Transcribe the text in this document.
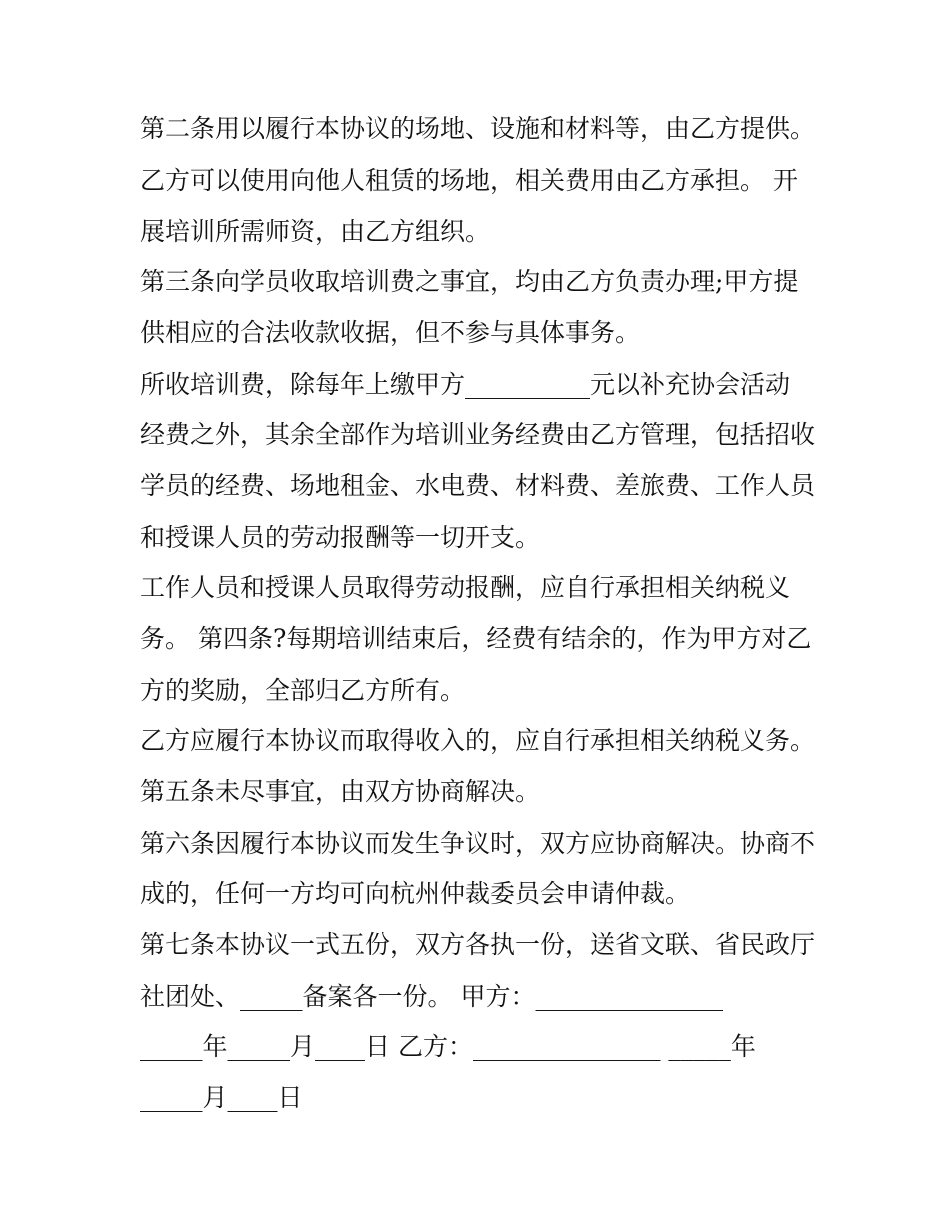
第二条用以履行本协议的场地、设施和材料等，由乙方提供。
乙方可以使用向他人租赁的场地，相关费用由乙方承担。 开
展培训所需师资，由乙方组织。
第三条向学员收取培训费之事宜，均由乙方负责办理;甲方提
供相应的合法收款收据，但不参与具体事务。
所收培训费，除每年上缴甲方__________元以补充协会活动
经费之外，其余全部作为培训业务经费由乙方管理，包括招收
学员的经费、场地租金、水电费、材料费、差旅费、工作人员
和授课人员的劳动报酬等一切开支。
工作人员和授课人员取得劳动报酬，应自行承担相关纳税义
务。 第四条?每期培训结束后，经费有结余的，作为甲方对乙
方的奖励，全部归乙方所有。
乙方应履行本协议而取得收入的，应自行承担相关纳税义务。
第五条未尽事宜，由双方协商解决。
第六条因履行本协议而发生争议时，双方应协商解决。协商不
成的，任何一方均可向杭州仲裁委员会申请仲裁。
第七条本协议一式五份，双方各执一份，送省文联、省民政厅
社团处、_____备案各一份。 甲方：_______________
_____年_____月____日 乙方：_______________ _____年
_____月____日
